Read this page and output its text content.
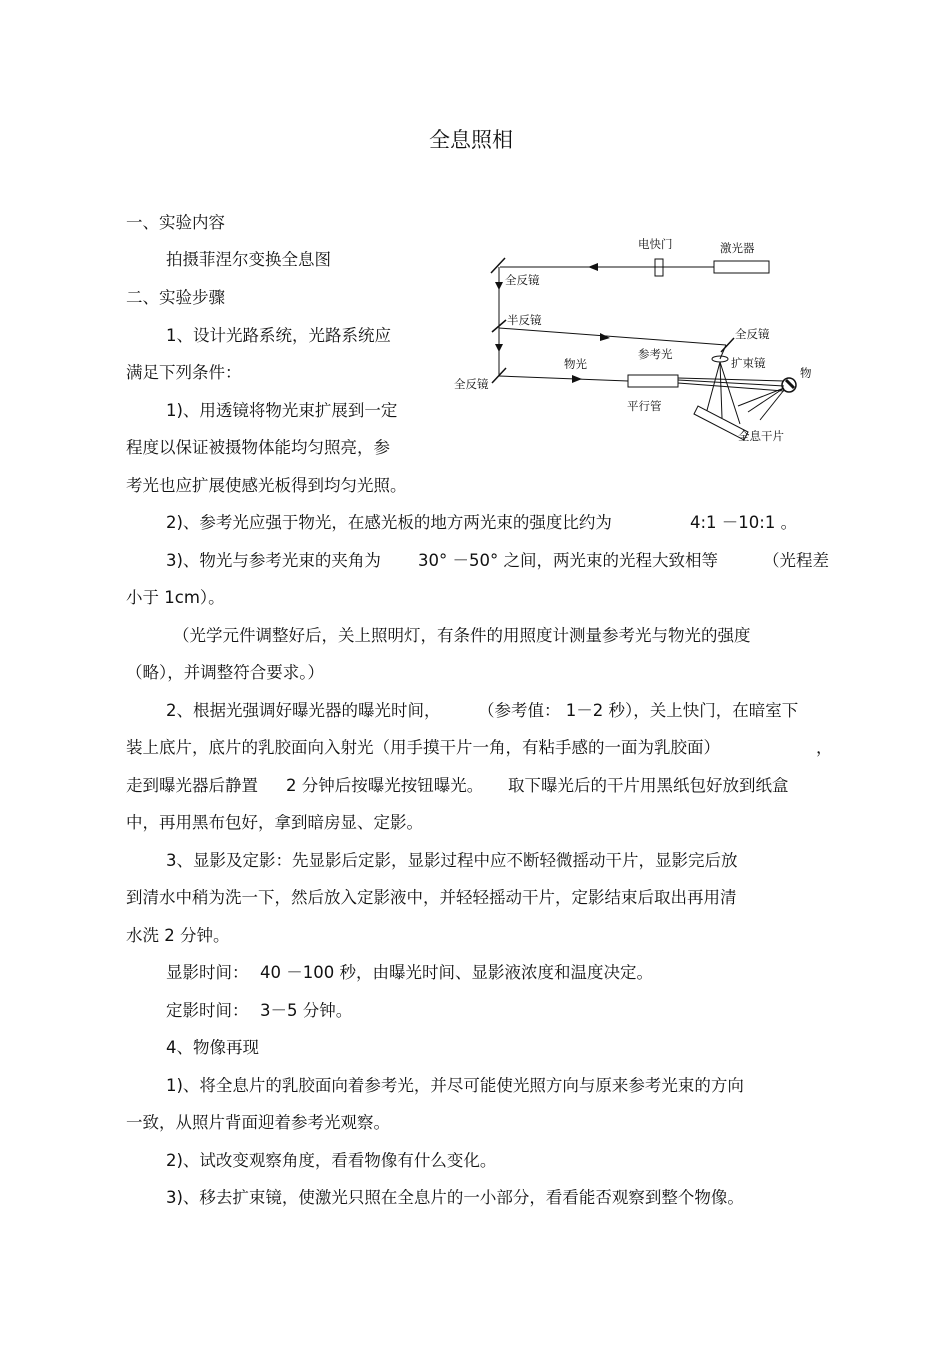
全息照相
一、实验内容
拍摄菲涅尔变换全息图
二、实验步骤
1、设计光路系统，光路系统应
满足下列条件：
1)、用透镜将物光束扩展到一定
程度以保证被摄物体能均匀照亮，参
考光也应扩展使感光板得到均匀光照。
2)、参考光应强于物光，在感光板的地方两光束的强度比约为	4:1 －10:1 。
3)、物光与参考光束的夹角为 30° －50° 之间，两光束的光程大致相等	（光程差
小于 1cm）。
（光学元件调整好后，关上照明灯，有条件的用照度计测量参考光与物光的强度
（略），并调整符合要求。）
2、根据光强调好曝光器的曝光时间， （参考值： 1－2 秒），关上快门，在暗室下
装上底片，底片的乳胶面向入射光（用手摸干片一角，有粘手感的一面为乳胶面）	，
走到曝光器后静置 2 分钟后按曝光按钮曝光。 取下曝光后的干片用黑纸包好放到纸盒
中，再用黑布包好，拿到暗房显、定影。
3、显影及定影：先显影后定影，显影过程中应不断轻微摇动干片，显影完后放
到清水中稍为洗一下，然后放入定影液中，并轻轻摇动干片，定影结束后取出再用清
水洗 2 分钟。
显影时间： 40 －100 秒，由曝光时间、显影液浓度和温度决定。
定影时间： 3－5 分钟。
4、物像再现
1)、将全息片的乳胶面向着参考光，并尽可能使光照方向与原来参考光束的方向
一致，从照片背面迎着参考光观察。
2)、试改变观察角度，看看物像有什么变化。
3)、移去扩束镜，使激光只照在全息片的一小部分，看看能否观察到整个物像。
电快门	激光器
全反镜
半反镜
全反镜
物光
参考光
扩束镜
物
全反镜
平行管
全息干片
